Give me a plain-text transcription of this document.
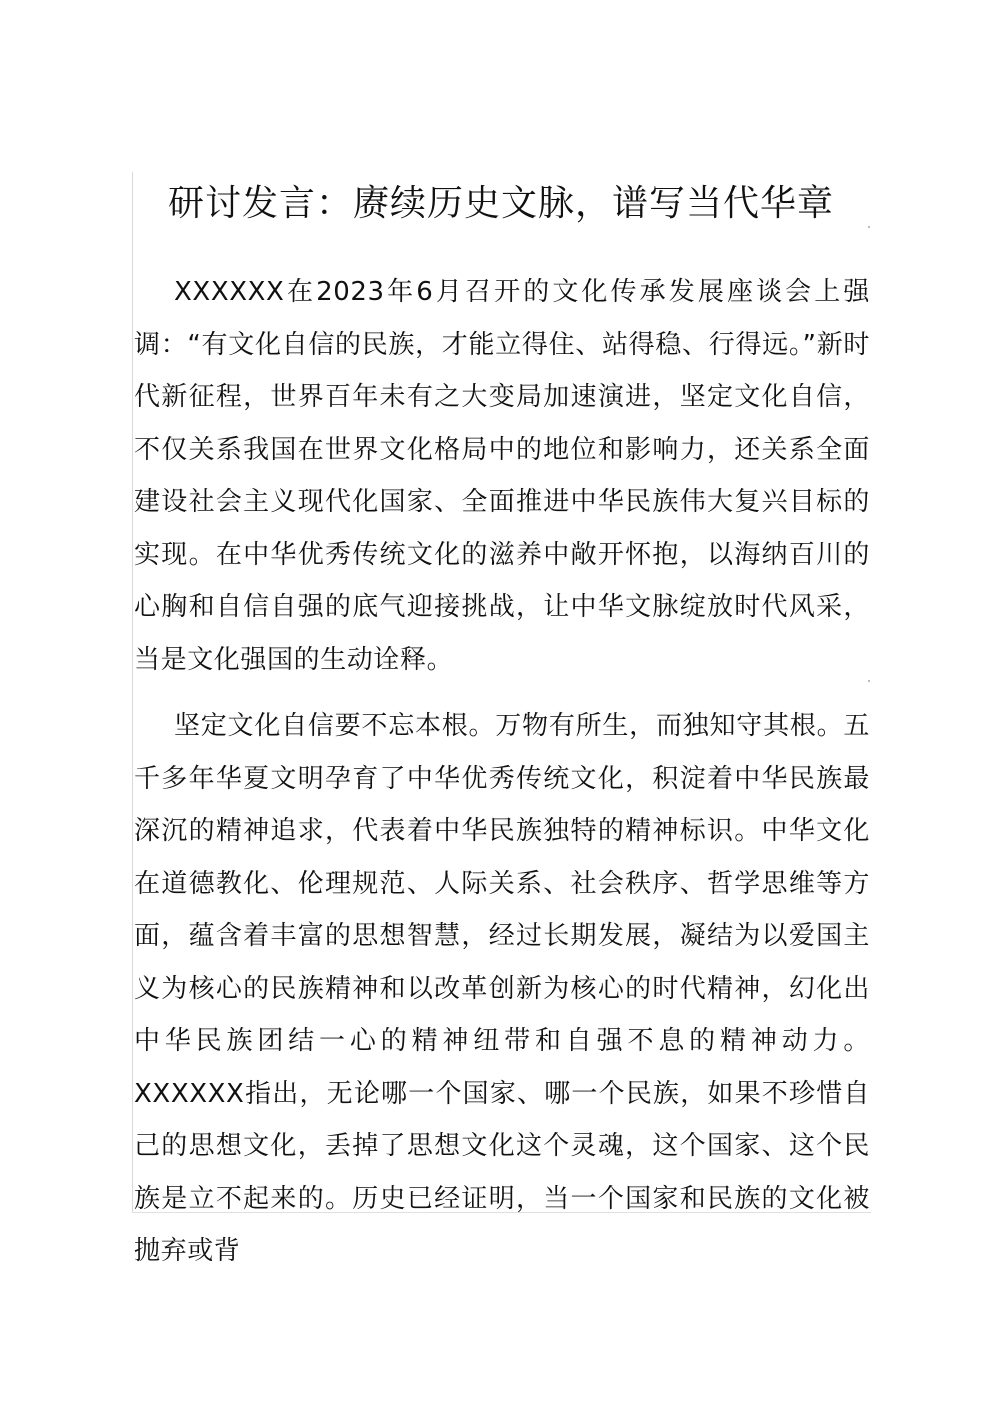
研讨发言：赓续历史文脉，谱写当代华章

XXXXXX在2023年6月召开的文化传承发展座谈会上强调：“有文化自信的民族，才能立得住、站得稳、行得远。”新时代新征程，世界百年未有之大变局加速演进，坚定文化自信，不仅关系我国在世界文化格局中的地位和影响力，还关系全面建设社会主义现代化国家、全面推进中华民族伟大复兴目标的实现。在中华优秀传统文化的滋养中敞开怀抱，以海纳百川的心胸和自信自强的底气迎接挑战，让中华文脉绽放时代风采，当是文化强国的生动诠释。

坚定文化自信要不忘本根。万物有所生，而独知守其根。五千多年华夏文明孕育了中华优秀传统文化，积淀着中华民族最深沉的精神追求，代表着中华民族独特的精神标识。中华文化在道德教化、伦理规范、人际关系、社会秩序、哲学思维等方面，蕴含着丰富的思想智慧，经过长期发展，凝结为以爱国主义为核心的民族精神和以改革创新为核心的时代精神，幻化出中华民族团结一心的精神纽带和自强不息的精神动力。XXXXXX指出，无论哪一个国家、哪一个民族，如果不珍惜自己的思想文化，丢掉了思想文化这个灵魂，这个国家、这个民族是立不起来的。历史已经证明，当一个国家和民族的文化被抛弃或背
